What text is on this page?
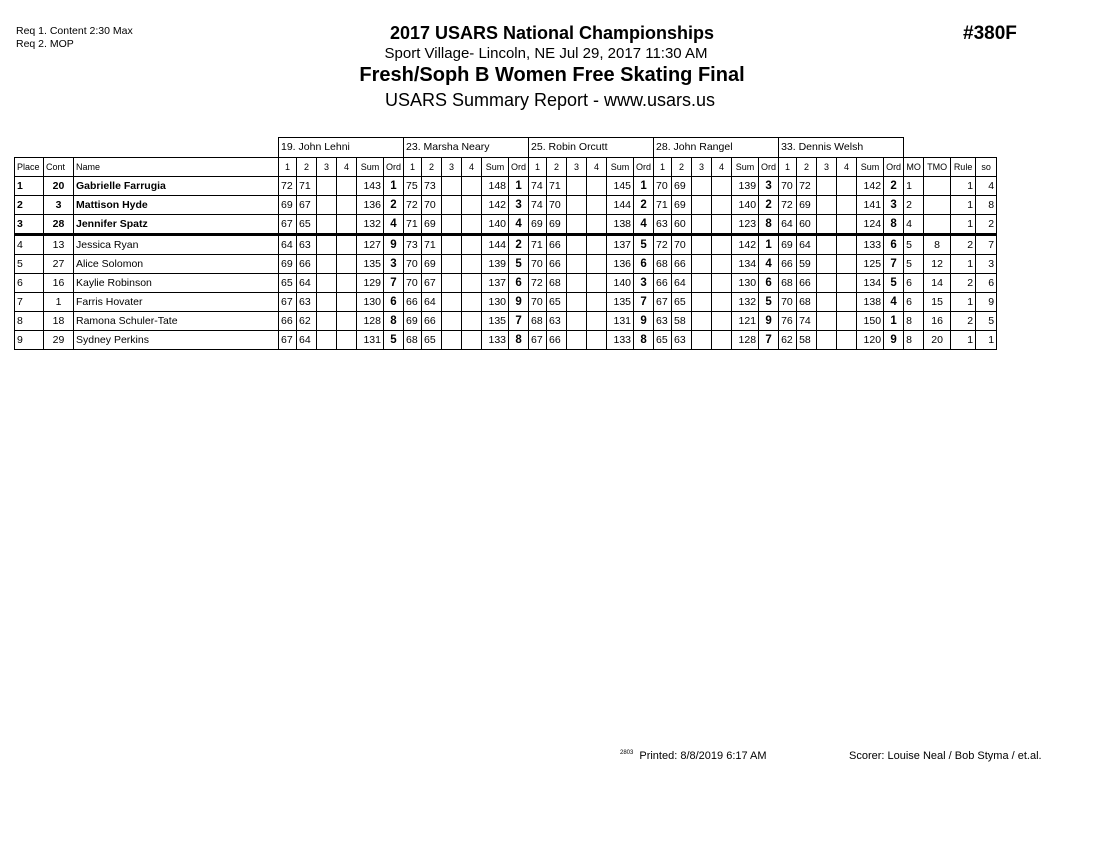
Req 1. Content 2:30 Max
Req 2. MOP	#380F
2017 USARS National Championships
Sport Village- Lincoln, NE Jul 29, 2017 11:30 AM
Fresh/Soph B Women Free Skating Final
USARS Summary Report - www.usars.us
			19. John Lehni						23. Marsha Neary						25. Robin Orcutt						28. John Rangel						33. Dennis Welsh									
Place	Cont	Name	1	2	3	4	Sum	Ord	1	2	3	4	Sum	Ord	1	2	3	4	Sum	Ord	1	2	3	4	Sum	Ord	1	2	3	4	Sum	Ord	MO	TMO	Rule	so
1	20	Gabrielle Farrugia	72	71			143	1	75	73			148	1	74	71			145	1	70	69			139	3	70	72			142	2	1		1	4
2	3	Mattison Hyde	69	67			136	2	72	70			142	3	74	70			144	2	71	69			140	2	72	69			141	3	2		1	8
3	28	Jennifer Spatz	67	65			132	4	71	69			140	4	69	69			138	4	63	60			123	8	64	60			124	8	4		1	2
4	13	Jessica Ryan	64	63			127	9	73	71			144	2	71	66			137	5	72	70			142	1	69	64			133	6	5	8	2	7
5	27	Alice Solomon	69	66			135	3	70	69			139	5	70	66			136	6	68	66			134	4	66	59			125	7	5	12	1	3
6	16	Kaylie Robinson	65	64			129	7	70	67			137	6	72	68			140	3	66	64			130	6	68	66			134	5	6	14	2	6
7	1	Farris Hovater	67	63			130	6	66	64			130	9	70	65			135	7	67	65			132	5	70	68			138	4	6	15	1	9
8	18	Ramona Schuler-Tate	66	62			128	8	69	66			135	7	68	63			131	9	63	58			121	9	76	74			150	1	8	16	2	5
9	29	Sydney Perkins	67	64			131	5	68	65			133	8	67	66			133	8	65	63			128	7	62	58			120	9	8	20	1	1
$^{2803}$ Printed: 8/8/2019 6:17 AM	Scorer: Louise Neal / Bob Styma / et.al.
